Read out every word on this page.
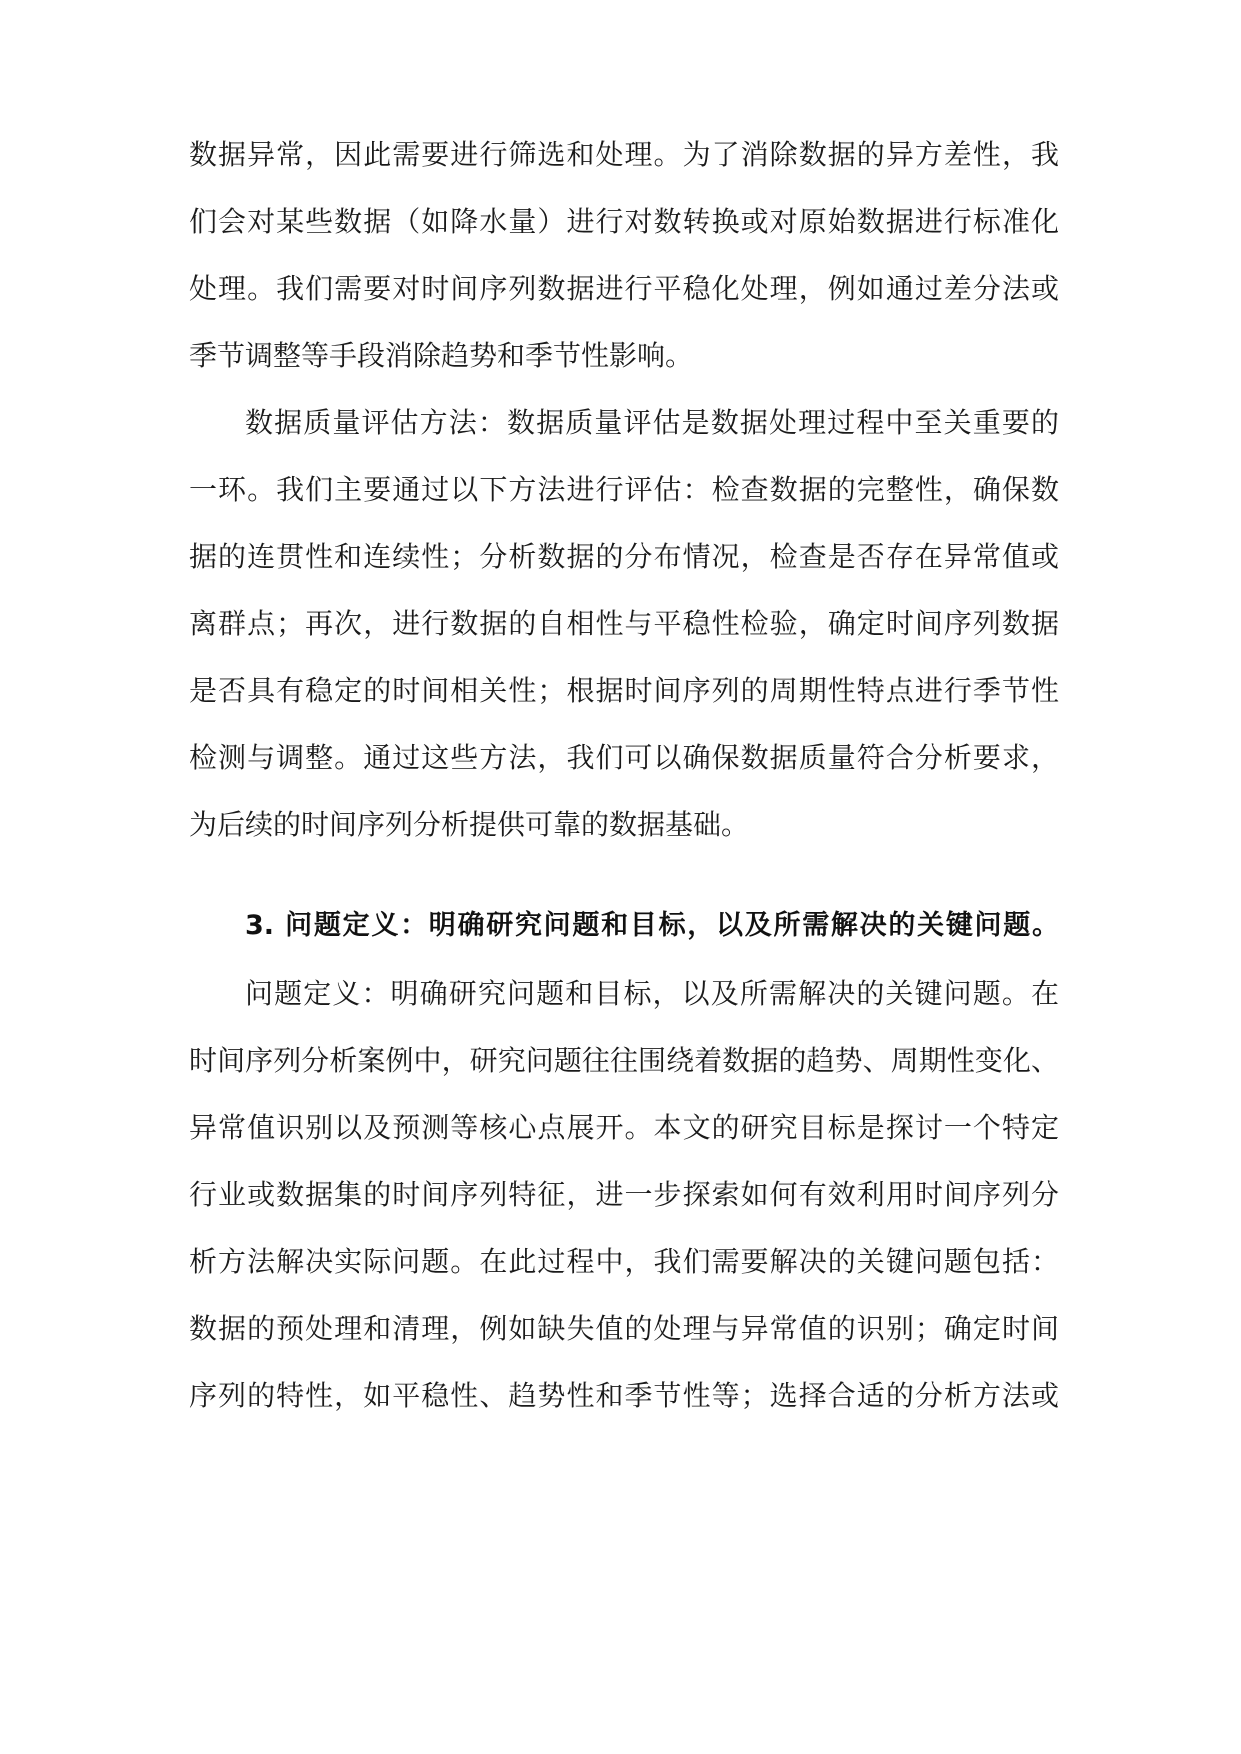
数据异常，因此需要进行筛选和处理。为了消除数据的异方差性，我
们会对某些数据（如降水量）进行对数转换或对原始数据进行标准化
处理。我们需要对时间序列数据进行平稳化处理，例如通过差分法或
季节调整等手段消除趋势和季节性影响。
数据质量评估方法：数据质量评估是数据处理过程中至关重要的
一环。我们主要通过以下方法进行评估：检查数据的完整性，确保数
据的连贯性和连续性；分析数据的分布情况，检查是否存在异常值或
离群点；再次，进行数据的自相性与平稳性检验，确定时间序列数据
是否具有稳定的时间相关性；根据时间序列的周期性特点进行季节性
检测与调整。通过这些方法，我们可以确保数据质量符合分析要求，
为后续的时间序列分析提供可靠的数据基础。
3. 问题定义：明确研究问题和目标，以及所需解决的关键问题。
问题定义：明确研究问题和目标，以及所需解决的关键问题。在
时间序列分析案例中，研究问题往往围绕着数据的趋势、周期性变化、
异常值识别以及预测等核心点展开。本文的研究目标是探讨一个特定
行业或数据集的时间序列特征，进一步探索如何有效利用时间序列分
析方法解决实际问题。在此过程中，我们需要解决的关键问题包括：
数据的预处理和清理，例如缺失值的处理与异常值的识别；确定时间
序列的特性，如平稳性、趋势性和季节性等；选择合适的分析方法或
